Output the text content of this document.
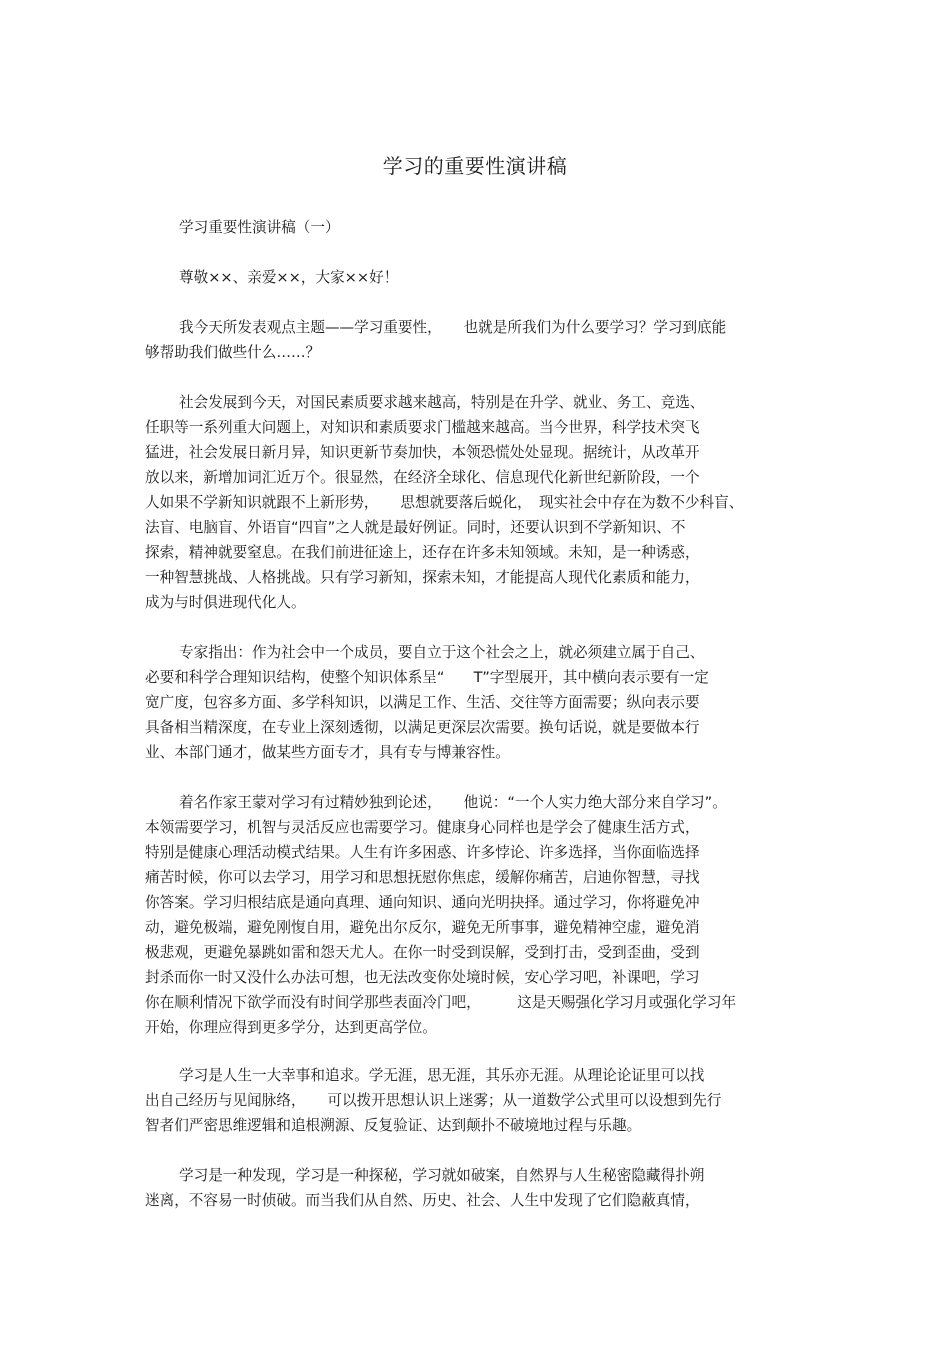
学习的重要性演讲稿
学习重要性演讲稿（一）
尊敬××、亲爱××，大家××好！
我今天所发表观点主题——学习重要性，　　也就是所我们为什么要学习？学习到底能
够帮助我们做些什么……？
社会发展到今天，对国民素质要求越来越高，特别是在升学、就业、务工、竞选、
任职等一系列重大问题上，对知识和素质要求门槛越来越高。当今世界，科学技术突飞
猛进，社会发展日新月异，知识更新节奏加快，本领恐慌处处显现。据统计，从改革开
放以来，新增加词汇近万个。很显然，在经济全球化、信息现代化新世纪新阶段，一个
人如果不学新知识就跟不上新形势，　　思想就要落后蜕化，　现实社会中存在为数不少科盲、
法盲、电脑盲、外语盲“四盲”之人就是最好例证。同时，还要认识到不学新知识、不
探索，精神就要窒息。在我们前进征途上，还存在许多未知领域。未知，是一种诱惑，
一种智慧挑战、人格挑战。只有学习新知，探索未知，才能提高人现代化素质和能力，
成为与时俱进现代化人。
专家指出：作为社会中一个成员，要自立于这个社会之上，就必须建立属于自己、
必要和科学合理知识结构，使整个知识体系呈“　　T”字型展开，其中横向表示要有一定
宽广度，包容多方面、多学科知识，以满足工作、生活、交往等方面需要；纵向表示要
具备相当精深度，在专业上深刻透彻，以满足更深层次需要。换句话说，就是要做本行
业、本部门通才，做某些方面专才，具有专与博兼容性。
着名作家王蒙对学习有过精妙独到论述，　　他说：“一个人实力绝大部分来自学习”。
本领需要学习，机智与灵活反应也需要学习。健康身心同样也是学会了健康生活方式，
特别是健康心理活动模式结果。人生有许多困惑、许多悖论、许多选择，当你面临选择
痛苦时候，你可以去学习，用学习和思想抚慰你焦虑，缓解你痛苦，启迪你智慧，寻找
你答案。学习归根结底是通向真理、通向知识、通向光明抉择。通过学习，你将避免冲
动，避免极端，避免刚愎自用，避免出尔反尔，避免无所事事，避免精神空虚，避免消
极悲观，更避免暴跳如雷和怨天尤人。在你一时受到误解，受到打击，受到歪曲，受到
封杀而你一时又没什么办法可想，也无法改变你处境时候，安心学习吧，补课吧，学习
你在顺利情况下欲学而没有时间学那些表面冷门吧，　　　这是天赐强化学习月或强化学习年
开始，你理应得到更多学分，达到更高学位。
学习是人生一大幸事和追求。学无涯，思无涯，其乐亦无涯。从理论论证里可以找
出自己经历与见闻脉络，　　可以拨开思想认识上迷雾；从一道数学公式里可以设想到先行
智者们严密思维逻辑和追根溯源、反复验证、达到颠扑不破境地过程与乐趣。
学习是一种发现，学习是一种探秘，学习就如破案，自然界与人生秘密隐藏得扑朔
迷离，不容易一时侦破。而当我们从自然、历史、社会、人生中发现了它们隐蔽真情，
